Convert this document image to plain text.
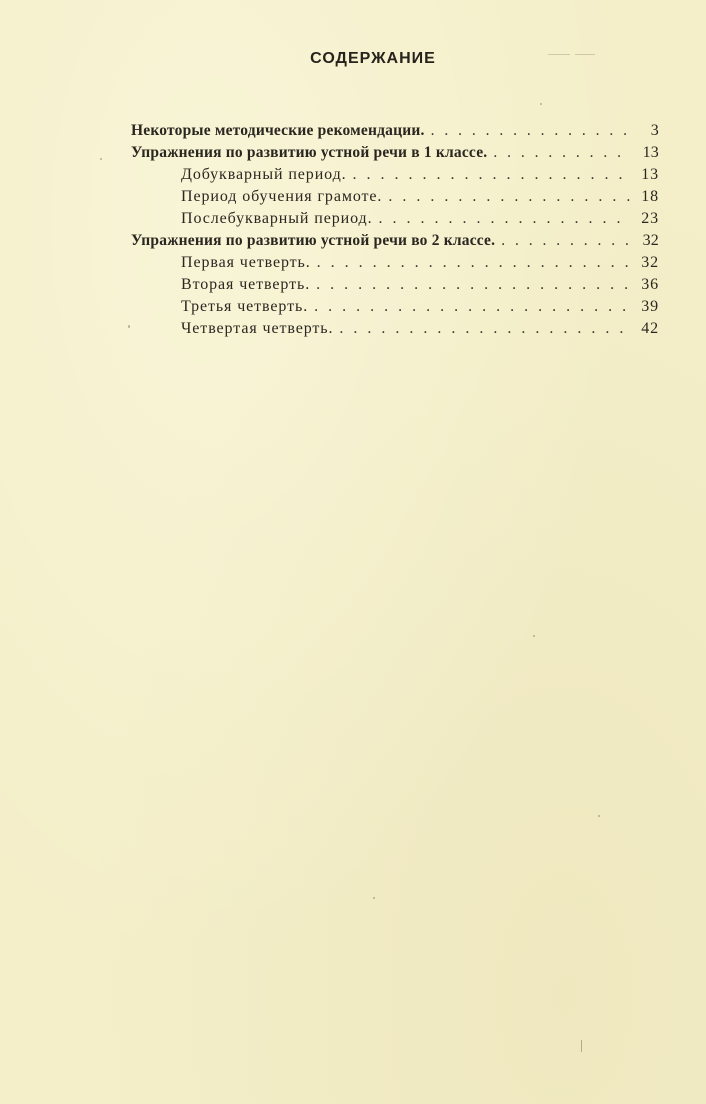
СОДЕРЖАНИЕ
Некоторые методические рекомендации. . . .	3
Упражнения по развитию устной речи в 1 классе. . . .	13
Добукварный период. . . .	13
Период обучения грамоте. . . .	18
Послебукварный период. . . .	23
Упражнения по развитию устной речи во 2 классе. . . .	32
Первая четверть. . . .	32
Вторая четверть. . . .	36
Третья четверть. . . .	39
Четвертая четверть. . . .	42
